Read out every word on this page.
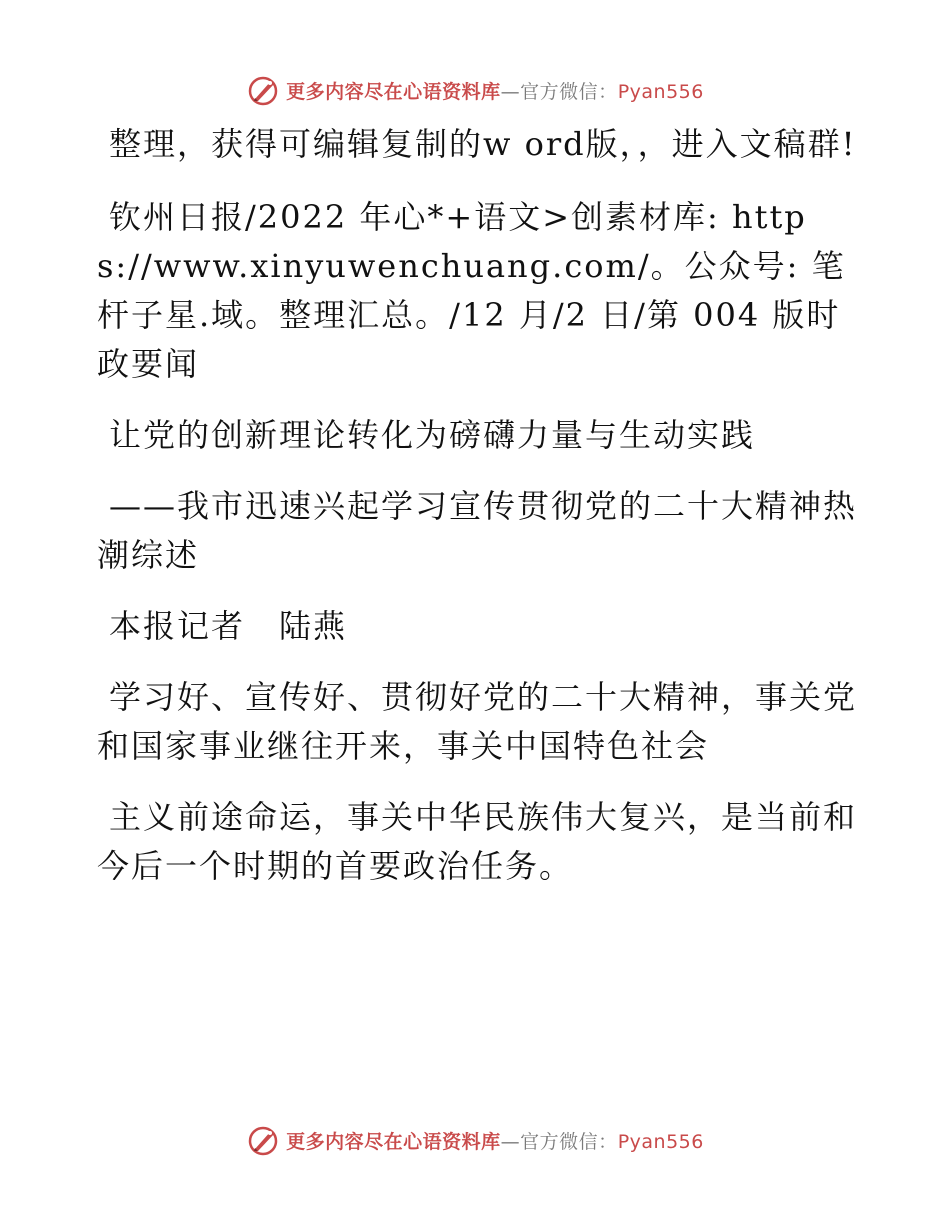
更多内容尽在心语资料库—官方微信：Pyan556

整理，获得可编辑复制的w ord版，，进入文稿群!

钦州日报/2022 年心*+语文>创素材库: https://www.xinyuwenchuang.com/。公众号: 笔杆子星.域。整理汇总。/12 月/2 日/第 004 版时政要闻

让党的创新理论转化为磅礴力量与生动实践

——我市迅速兴起学习宣传贯彻党的二十大精神热潮综述

本报记者　陆燕

学习好、宣传好、贯彻好党的二十大精神，事关党和国家事业继往开来，事关中国特色社会

主义前途命运，事关中华民族伟大复兴，是当前和今后一个时期的首要政治任务。

更多内容尽在心语资料库—官方微信：Pyan556
